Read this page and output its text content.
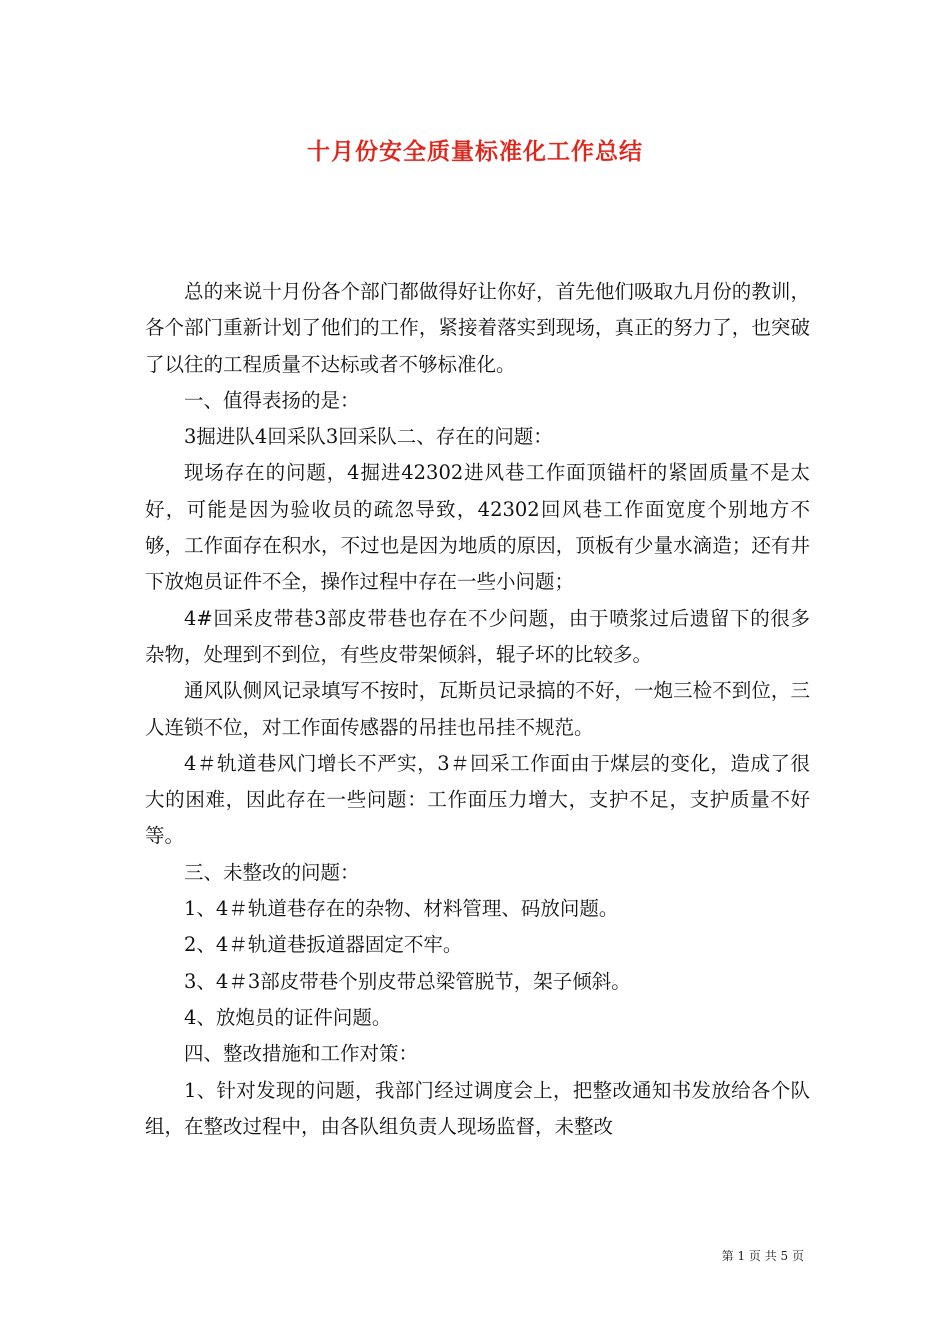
十月份安全质量标准化工作总结

总的来说十月份各个部门都做得好让你好，首先他们吸取九月份的教训，各个部门重新计划了他们的工作，紧接着落实到现场，真正的努力了，也突破了以往的工程质量不达标或者不够标准化。

一、值得表扬的是：

3掘进队4回采队3回采队二、存在的问题：

现场存在的问题，4掘进42302进风巷工作面顶锚杆的紧固质量不是太好，可能是因为验收员的疏忽导致，42302回风巷工作面宽度个别地方不够，工作面存在积水，不过也是因为地质的原因，顶板有少量水滴造；还有井下放炮员证件不全，操作过程中存在一些小问题；

4#回采皮带巷3部皮带巷也存在不少问题，由于喷浆过后遗留下的很多杂物，处理到不到位，有些皮带架倾斜，辊子坏的比较多。

通风队侧风记录填写不按时，瓦斯员记录搞的不好，一炮三检不到位，三人连锁不位，对工作面传感器的吊挂也吊挂不规范。

4＃轨道巷风门增长不严实，3＃回采工作面由于煤层的变化，造成了很大的困难，因此存在一些问题：工作面压力增大，支护不足，支护质量不好等。

三、未整改的问题：

1、4＃轨道巷存在的杂物、材料管理、码放问题。

2、4＃轨道巷扳道器固定不牢。

3、4＃3部皮带巷个别皮带总梁管脱节，架子倾斜。

4、放炮员的证件问题。

四、整改措施和工作对策：

1、针对发现的问题，我部门经过调度会上，把整改通知书发放给各个队组，在整改过程中，由各队组负责人现场监督，未整改

第 1 页 共 5 页
